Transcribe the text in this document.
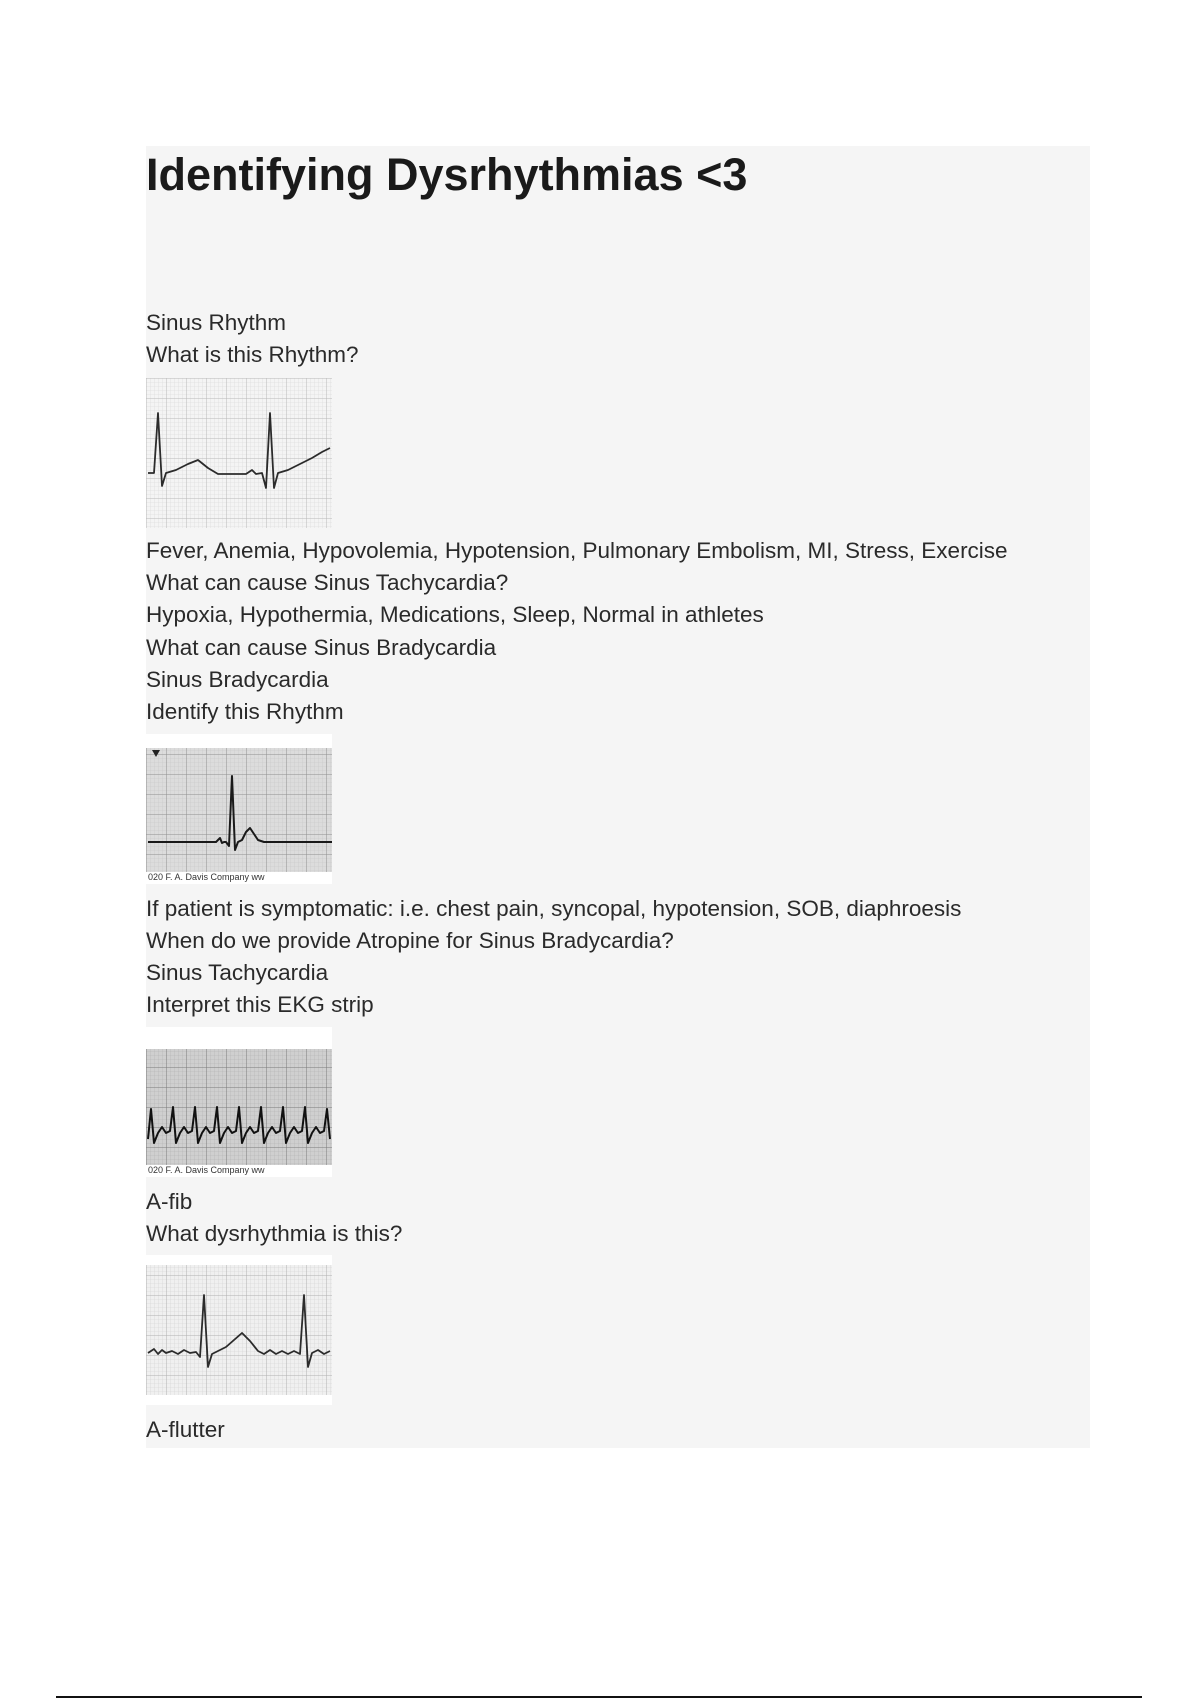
Identifying Dysrhythmias <3
Sinus Rhythm
What is this Rhythm?
Fever, Anemia, Hypovolemia, Hypotension, Pulmonary Embolism, MI, Stress, Exercise
What can cause Sinus Tachycardia?
Hypoxia, Hypothermia, Medications, Sleep, Normal in athletes
What can cause Sinus Bradycardia
Sinus Bradycardia
Identify this Rhythm
020 F. A. Davis Company ww
If patient is symptomatic: i.e. chest pain, syncopal, hypotension, SOB, diaphroesis
When do we provide Atropine for Sinus Bradycardia?
Sinus Tachycardia
Interpret this EKG strip
020 F. A. Davis Company ww
A-fib
What dysrhythmia is this?
A-flutter
